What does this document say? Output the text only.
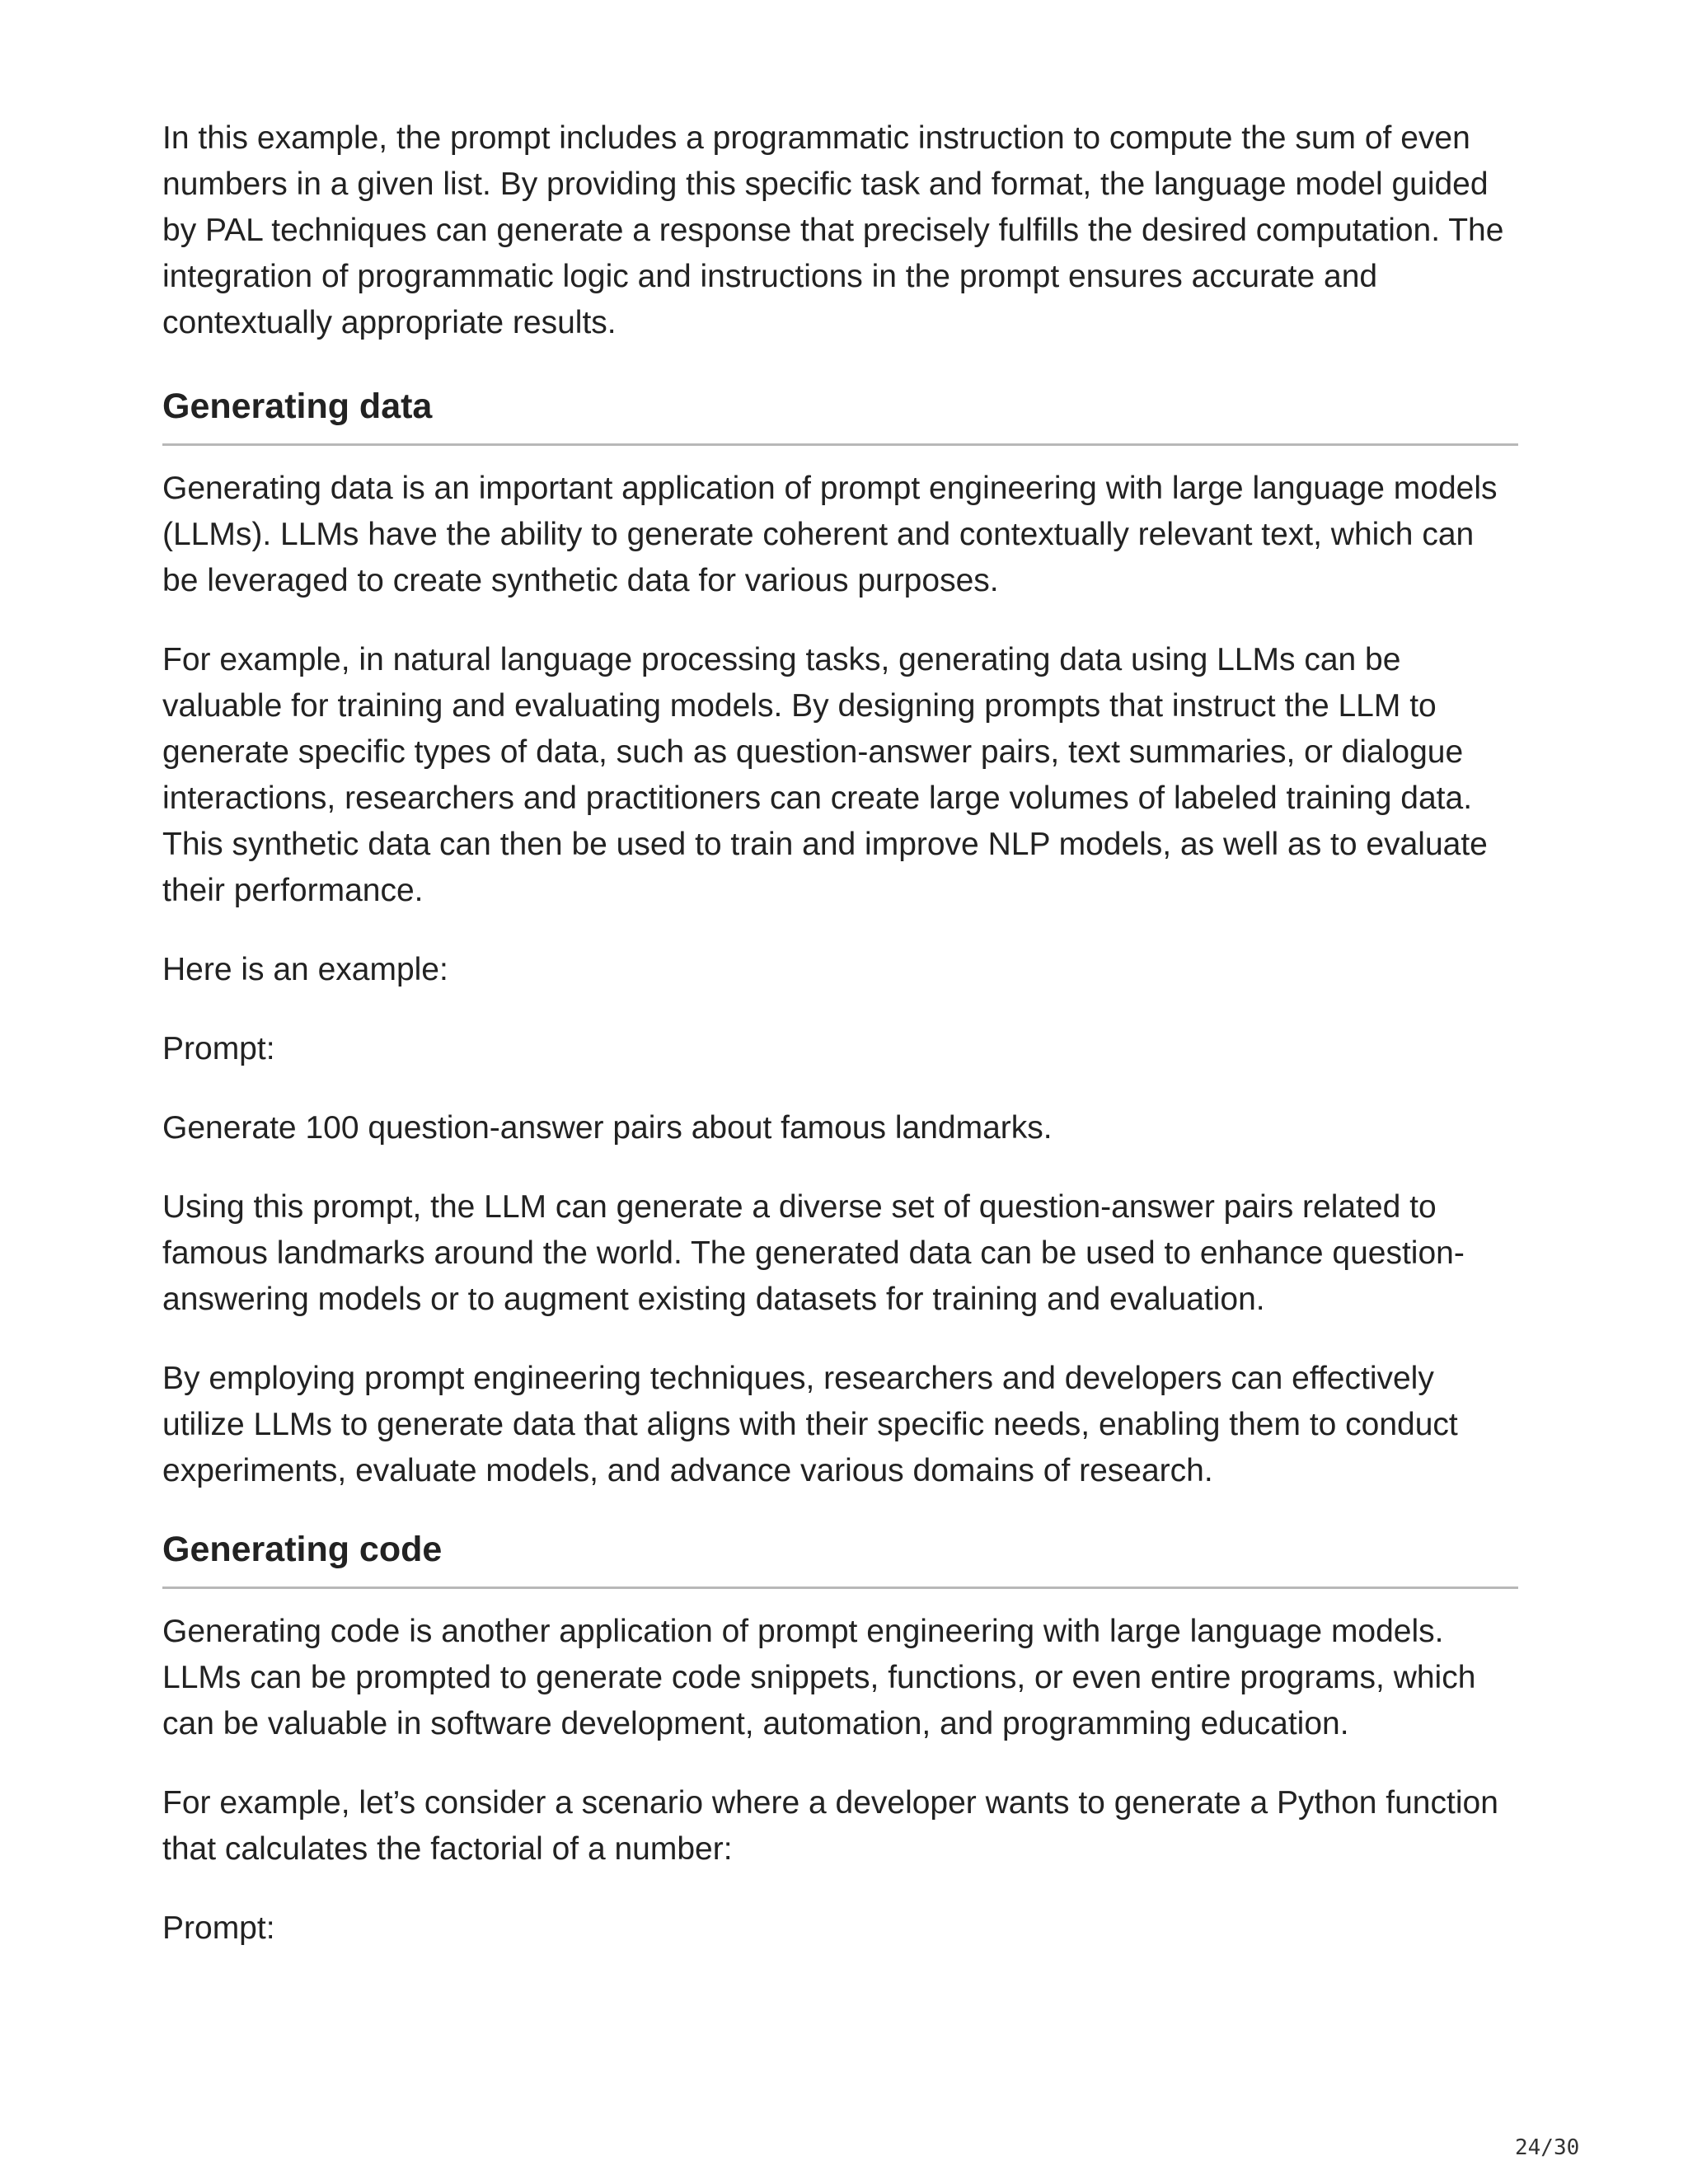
In this example, the prompt includes a programmatic instruction to compute the sum of even numbers in a given list. By providing this specific task and format, the language model guided by PAL techniques can generate a response that precisely fulfills the desired computation. The integration of programmatic logic and instructions in the prompt ensures accurate and contextually appropriate results.

Generating data

Generating data is an important application of prompt engineering with large language models (LLMs). LLMs have the ability to generate coherent and contextually relevant text, which can be leveraged to create synthetic data for various purposes.

For example, in natural language processing tasks, generating data using LLMs can be valuable for training and evaluating models. By designing prompts that instruct the LLM to generate specific types of data, such as question-answer pairs, text summaries, or dialogue interactions, researchers and practitioners can create large volumes of labeled training data. This synthetic data can then be used to train and improve NLP models, as well as to evaluate their performance.

Here is an example:

Prompt:

Generate 100 question-answer pairs about famous landmarks.

Using this prompt, the LLM can generate a diverse set of question-answer pairs related to famous landmarks around the world. The generated data can be used to enhance question-answering models or to augment existing datasets for training and evaluation.

By employing prompt engineering techniques, researchers and developers can effectively utilize LLMs to generate data that aligns with their specific needs, enabling them to conduct experiments, evaluate models, and advance various domains of research.

Generating code

Generating code is another application of prompt engineering with large language models. LLMs can be prompted to generate code snippets, functions, or even entire programs, which can be valuable in software development, automation, and programming education.

For example, let’s consider a scenario where a developer wants to generate a Python function that calculates the factorial of a number:

Prompt:

24/30
